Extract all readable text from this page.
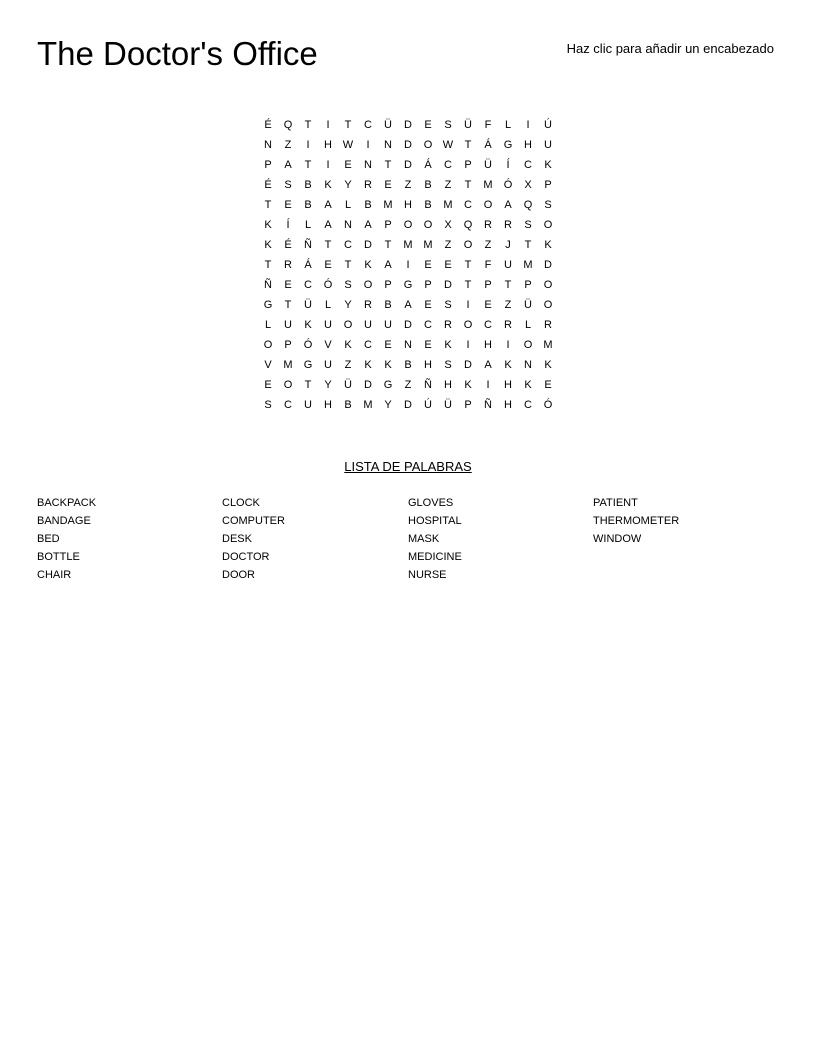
The Doctor's Office	Haz clic para añadir un encabezado
É	Q	T	I	T	C	Ü	D	E	S	Ü	F	L	I	Ú
N	Z	I	H	W	I	N	D	O	W	T	Á	G	H	U
P	A	T	I	E	N	T	D	Á	C	P	Ü	Í	C	K
É	S	B	K	Y	R	E	Z	B	Z	T	M	Ó	X	P
T	E	B	A	L	B	M	H	B	M	C	O	A	Q	S
K	Í	L	A	N	A	P	O	O	X	Q	R	R	S	O
K	É	Ñ	T	C	D	T	M	M	Z	O	Z	J	T	K
T	R	Á	E	T	K	A	I	E	E	T	F	U	M	D
Ñ	E	C	Ó	S	O	P	G	P	D	T	P	T	P	O
G	T	Ü	L	Y	R	B	A	E	S	I	E	Z	Ü	O
L	U	K	U	O	U	U	D	C	R	O	C	R	L	R
O	P	Ó	V	K	C	E	N	E	K	I	H	I	O	M
V	M	G	U	Z	K	K	B	H	S	D	A	K	N	K
E	O	T	Y	Ü	D	G	Z	Ñ	H	K	I	H	K	E
S	C	U	H	B	M	Y	D	Ú	Ü	P	Ñ	H	C	Ó
LISTA DE PALABRAS
BACKPACK
BANDAGE
BED
BOTTLE
CHAIR
CLOCK
COMPUTER
DESK
DOCTOR
DOOR
GLOVES
HOSPITAL
MASK
MEDICINE
NURSE
PATIENT
THERMOMETER
WINDOW
